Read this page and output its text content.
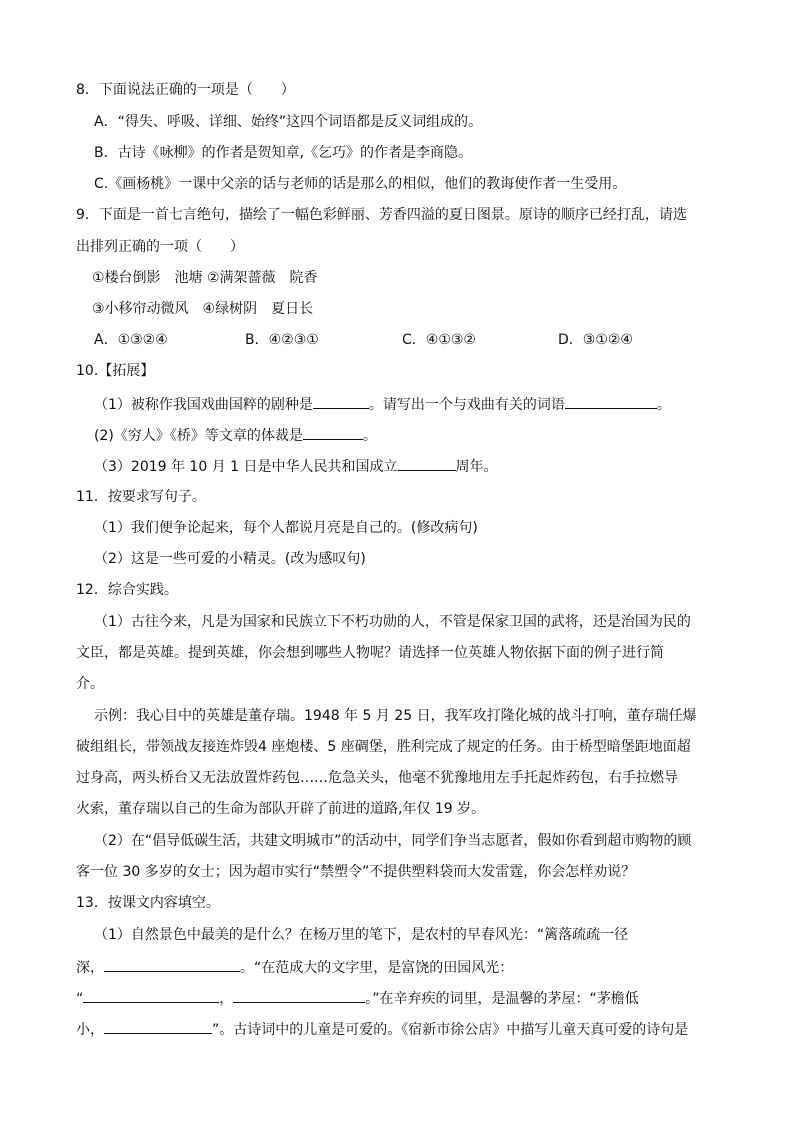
8．下面说法正确的一项是（　　）
A．“得失、呼吸、详细、始终”这四个词语都是反义词组成的。
B．古诗《咏柳》的作者是贺知章,《乞巧》的作者是李商隐。
C.《画杨桃》一课中父亲的话与老师的话是那么的相似，他们的教诲使作者一生受用。
9．下面是一首七言绝句，描绘了一幅色彩鲜丽、芳香四溢的夏日图景。原诗的顺序已经打乱，请选
出排列正确的一项（　　）
①楼台倒影　池塘 ②满架蔷薇　院香
③小移帘动微风　④绿树阴　夏日长
A．①③②④	B．④②③①	C．④①③②	D．③①②④
10.【拓展】
（1）被称作我国戏曲国粹的剧种是	。请写出一个与戏曲有关的词语	。
(2)《穷人》《桥》等文章的体裁是	。
（3）2019 年 10 月 1 日是中华人民共和国成立	周年。
11．按要求写句子。
（1）我们便争论起来，每个人都说月亮是自己的。(修改病句)
（2）这是一些可爱的小精灵。(改为感叹句)
12．综合实践。
（1）古往今来，凡是为国家和民族立下不朽功勋的人，不管是保家卫国的武将，还是治国为民的
文臣，都是英雄。提到英雄，你会想到哪些人物呢？请选择一位英雄人物依据下面的例子进行简
介。
示例：我心目中的英雄是董存瑞。1948 年 5 月 25 日，我军攻打隆化城的战斗打响，董存瑞任爆
破组组长，带领战友接连炸毁4 座炮楼、5 座碉堡，胜利完成了规定的任务。由于桥型暗堡距地面超
过身高，两头桥台又无法放置炸药包……危急关头，他毫不犹豫地用左手托起炸药包，右手拉燃导
火索，董存瑞以自己的生命为部队开辟了前进的道路,年仅 19 岁。
（2）在“倡导低碳生活，共建文明城市”的活动中，同学们争当志愿者，假如你看到超市购物的顾
客一位 30 多岁的女士；因为超市实行“禁塑令”不提供塑料袋而大发雷霆，你会怎样劝说？
13．按课文内容填空。
（1）自然景色中最美的是什么？在杨万里的笔下，是农村的早春风光：“篱落疏疏一径
深，	。“在范成大的文字里，是富饶的田园风光：
“	，	。”在辛弃疾的词里，是温馨的茅屋：“茅檐低
小，	”。古诗词中的儿童是可爱的。《宿新市徐公店》中描写儿童天真可爱的诗句是
